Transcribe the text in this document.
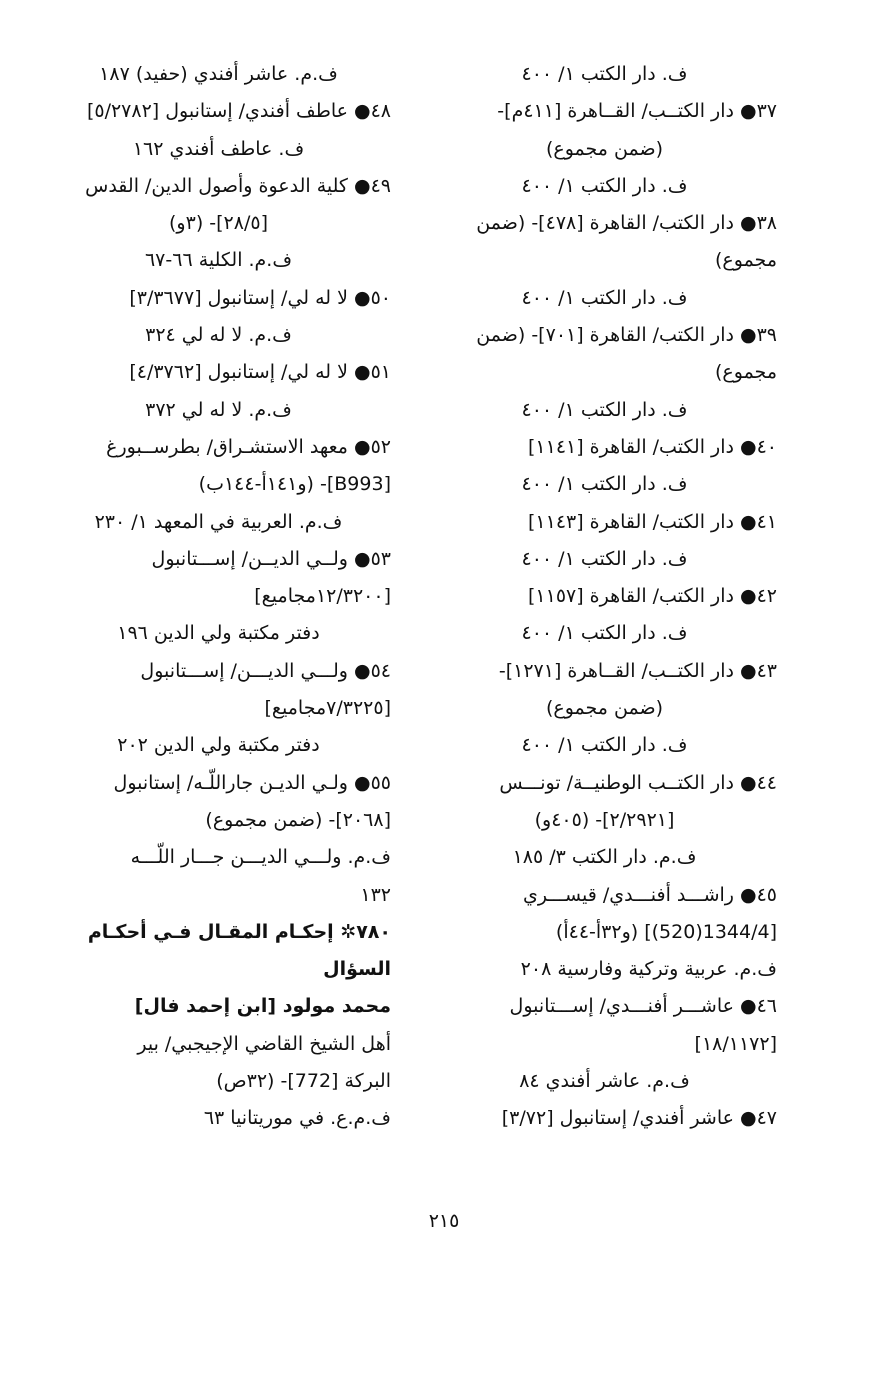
ف. دار الكتب ١/ ٤٠٠
٣٧● دار الكتــب/ القــاهرة [٤١١م]-
(ضمن مجموع)
ف. دار الكتب ١/ ٤٠٠
٣٨● دار الكتب/ القاهرة [٤٧٨]- (ضمن
مجموع)
ف. دار الكتب ١/ ٤٠٠
٣٩● دار الكتب/ القاهرة [٧٠١]- (ضمن
مجموع)
ف. دار الكتب ١/ ٤٠٠
٤٠● دار الكتب/ القاهرة [١١٤١]
ف. دار الكتب ١/ ٤٠٠
٤١● دار الكتب/ القاهرة [١١٤٣]
ف. دار الكتب ١/ ٤٠٠
٤٢● دار الكتب/ القاهرة [١١٥٧]
ف. دار الكتب ١/ ٤٠٠
٤٣● دار الكتــب/ القــاهرة [١٢٧١]-
(ضمن مجموع)
ف. دار الكتب ١/ ٤٠٠
٤٤● دار الكتــب الوطنيــة/ تونـــس
[٢/٢٩٢١]- (٤٠٥و)
ف.م. دار الكتب ٣/ ١٨٥
٤٥● راشـــد أفنـــدي/ قيســـري
[1344/4(520)] (و٣٢أ-٤٤أ)
ف.م. عربية وتركية وفارسية ٢٠٨
٤٦● عاشـــر أفنـــدي/ إســـتانبول
[١٨/١١٧٢]
ف.م. عاشر أفندي ٨٤
٤٧● عاشر أفندي/ إستانبول [٣/٧٢]
ف.م. عاشر أفندي (حفيد) ١٨٧
٤٨● عاطف أفندي/ إستانبول [٥/٢٧٨٢]
ف. عاطف أفندي ١٦٢
٤٩● كلية الدعوة وأصول الدين/ القدس
[٢٨/٥]- (٣و)
ف.م. الكلية ٦٦-٦٧
٥٠● لا له لي/ إستانبول [٣/٣٦٧٧]
ف.م. لا له لي ٣٢٤
٥١● لا له لي/ إستانبول [٤/٣٧٦٢]
ف.م. لا له لي ٣٧٢
٥٢● معهد الاستشـراق/ بطرســبورغ
[B993]- (و١٤١أ-١٤٤ب)
ف.م. العربية في المعهد ١/ ٢٣٠
٥٣● ولــي الديــن/ إســـتانبول
[١٢/٣٢٠٠مجاميع]
دفتر مكتبة ولي الدين ١٩٦
٥٤● ولـــي الديـــن/ إســـتانبول
[٧/٣٢٢٥مجاميع]
دفتر مكتبة ولي الدين ٢٠٢
٥٥● ولـي الديـن جاراللّـه/ إستانبول
[٢٠٦٨]- (ضمن مجموع)
ف.م. ولـــي الديـــن جـــار اللّـــه
١٣٢
٧٨٠✲ إحكـام المقـال فـي أحكـام
السؤال
محمد مولود [ابن إحمد فال]
أهل الشيخ القاضي الإجيجبي/ بير
البركة [772]- (٣٢ص)
ف.م.ع. في موريتانيا ٦٣
٢١٥
